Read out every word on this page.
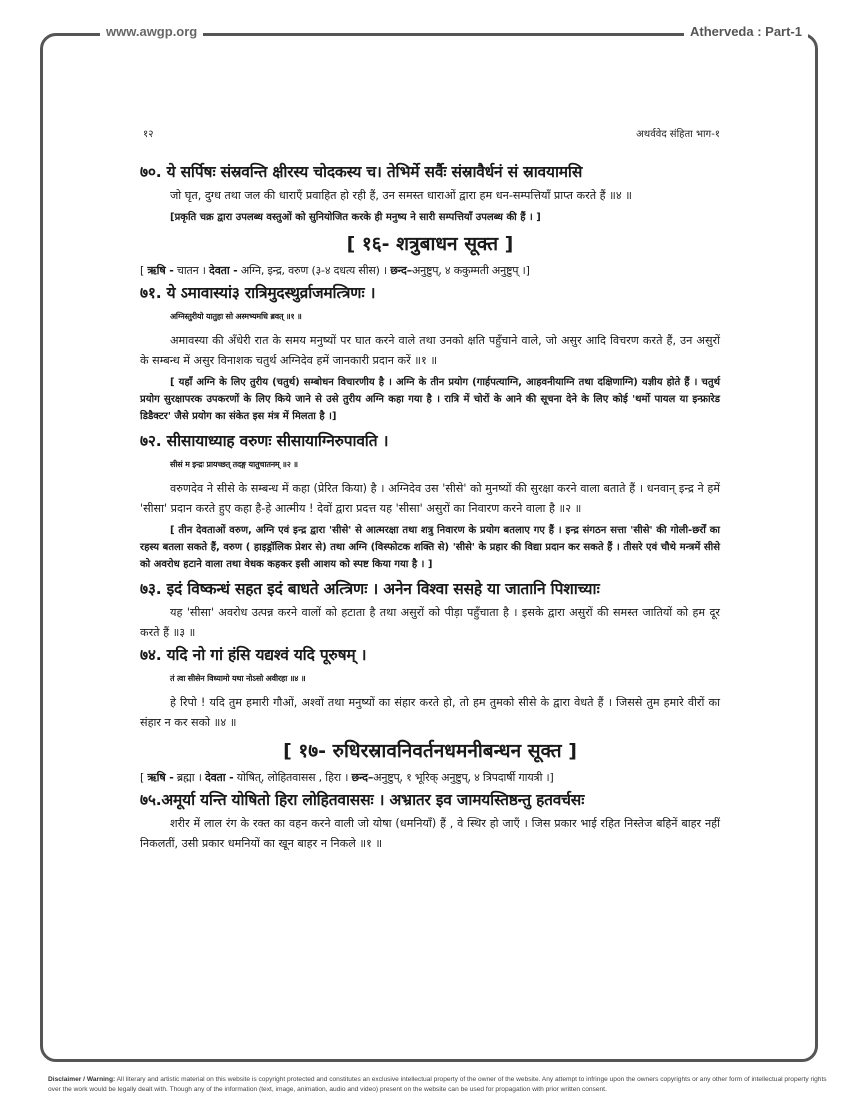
www.awgp.org	Atherveda : Part-1
१२	अथर्ववेद संहिता भाग-१
७०. ये सर्पिषः संस्रवन्ति क्षीरस्य चोदकस्य च। तेभिर्मे सर्वैः संस्रावैर्धनं सं स्रावयामसि

जो घृत, दुग्ध तथा जल की धाराएँ प्रवाहित हो रही हैं, उन समस्त धाराओं द्वारा हम धन-सम्पत्तियाँ प्राप्त करते हैं ॥४ ॥

[प्रकृति चक्र द्वारा उपलब्ध वस्तुओं को सुनियोजित करके ही मनुष्य ने सारी सम्पत्तियाँ उपलब्ध की हैं । ]

[ १६- शत्रुबाधन सूक्त ]
[ ऋषि - चातन । देवता - अग्नि, इन्द्र, वरुण (३-४ दधत्य सीस) । छन्द–अनुष्टुप्, ४ ककुम्मती अनुष्टुप् ।]
७१. ये ऽमावास्यां३ रात्रिमुदस्थुर्व्राजमत्त्रिणः ।
अग्निस्तुरीयो यातुहा सो अस्मभ्यमधि ब्रवत् ॥१ ॥

अमावस्या की अँधेरी रात के समय मनुष्यों पर घात करने वाले तथा उनको क्षति पहुँचाने वाले, जो असुर आदि विचरण करते हैं, उन असुरों के सम्बन्ध में असुर विनाशक चतुर्थ अग्निदेव हमें जानकारी प्रदान करें ॥१ ॥

[ यहाँ अग्नि के लिए तुरीय (चतुर्थ) सम्बोधन विचारणीय है । अग्नि के तीन प्रयोग (गार्हपत्याग्नि, आहवनीयाग्नि तथा दक्षिणाग्नि) यज्ञीय होते हैं । चतुर्थ प्रयोग सुरक्षापरक उपकरणों के लिए किये जाने से उसे तुरीय अग्नि कहा गया है । रात्रि में चोरों के आने की सूचना देने के लिए कोई 'थर्मो पायल या इन्फ्रारेड डिडैक्टर' जैसे प्रयोग का संकेत इस मंत्र में मिलता है ।]

७२. सीसायाध्याह वरुणः सीसायाग्निरुपावति ।
सीसं म इन्द्रः प्रायच्छत् तदङ्ग यातुचातनम् ॥२ ॥

वरुणदेव ने सीसे के सम्बन्ध में कहा (प्रेरित किया) है । अग्निदेव उस 'सीसे' को मुनष्यों की सुरक्षा करने वाला बताते हैं । धनवान् इन्द्र ने हमें 'सीसा' प्रदान करते हुए कहा है-हे आत्मीय ! देवों द्वारा प्रदत्त यह 'सीसा' असुरों का निवारण करने वाला है ॥२ ॥

[ तीन देवताओं वरुण, अग्नि एवं इन्द्र द्वारा 'सीसे' से आत्मरक्षा तथा शत्रु निवारण के प्रयोग बतलाए गए हैं । इन्द्र संगठन सत्ता 'सीसे' की गोली-छर्रों का रहस्य बतला सकते हैं, वरुण ( हाइड्रॉलिक प्रेशर से) तथा अग्नि (विस्फोटक शक्ति से) 'सीसे' के प्रहार की विद्या प्रदान कर सकते हैं । तीसरे एवं चौथे मन्त्रमें सीसे को अवरोध हटाने वाला तथा वेधक कहकर इसी आशय को स्पष्ट किया गया है । ]

७३. इदं विष्कन्धं सहत इदं बाधते अत्त्रिणः । अनेन विश्वा ससहे या जातानि पिशाच्याः

यह 'सीसा' अवरोध उत्पन्न करने वालों को हटाता है तथा असुरों को पीड़ा पहुँचाता है । इसके द्वारा असुरों की समस्त जातियों को हम दूर करते हैं ॥३ ॥

७४. यदि नो गां हंसि यद्यश्वं यदि पूरुषम् ।
तं त्वा सीसेन विध्यामो यथा नोऽसो अवीरहा ॥४ ॥

हे रिपो ! यदि तुम हमारी गौओं, अश्वों तथा मनुष्यों का संहार करते हो, तो हम तुमको सीसे के द्वारा वेधते हैं । जिससे तुम हमारे वीरों का संहार न कर सको ॥४ ॥

[ १७- रुधिरस्रावनिवर्तनधमनीबन्धन सूक्त ]
[ ऋषि - ब्रह्मा । देवता - योषित्, लोहितवासस , हिरा । छन्द–अनुष्टुप्, १ भूरिक् अनुष्टुप्, ४ त्रिपदार्षी गायत्री ।]
७५.अमूर्या यन्ति योषितो हिरा लोहितवाससः । अभ्रातर इव जामयस्तिष्ठन्तु हतवर्चसः

शरीर में लाल रंग के रक्त का वहन करने वाली जो योषा (धमनियाँ) हैं , वे स्थिर हो जाएँ । जिस प्रकार भाई रहित निस्तेज बहिनें बाहर नहीं निकलतीं, उसी प्रकार धमनियों का खून बाहर न निकले ॥१ ॥

Disclaimer / Warning: All literary and artistic material on this website is copyright protected and constitutes an exclusive intellectual property of the owner of the website. Any attempt to infringe upon the owners copyrights or any other form of intellectual property rights over the work would be legally dealt with. Though any of the information (text, image, animation, audio and video) present on the website can be used for propagation with prior written consent.
